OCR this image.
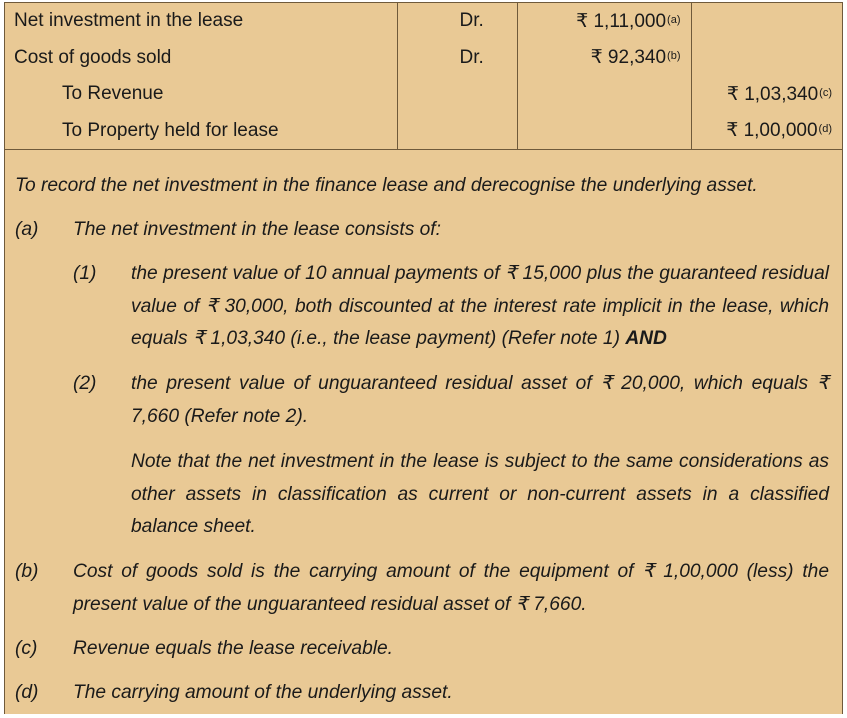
Net investment in the lease	Dr.	₹ 1,11,000$^{(a)}$	
Cost of goods sold	Dr.	₹ 92,340$^{(b)}$	
To Revenue			₹ 1,03,340$^{(c)}$
To Property held for lease			₹ 1,00,000$^{(d)}$
To record the net investment in the finance lease and derecognise the underlying asset.
(a) The net investment in the lease consists of:
(1) the present value of 10 annual payments of ₹ 15,000 plus the guaranteed residual value of ₹ 30,000, both discounted at the interest rate implicit in the lease, which equals ₹ 1,03,340 (i.e., the lease payment) (Refer note 1) AND
(2) the present value of unguaranteed residual asset of ₹ 20,000, which equals ₹ 7,660 (Refer note 2).
Note that the net investment in the lease is subject to the same considerations as other assets in classification as current or non-current assets in a classified balance sheet.
(b) Cost of goods sold is the carrying amount of the equipment of ₹ 1,00,000 (less) the present value of the unguaranteed residual asset of ₹ 7,660.
(c) Revenue equals the lease receivable.
(d) The carrying amount of the underlying asset.
